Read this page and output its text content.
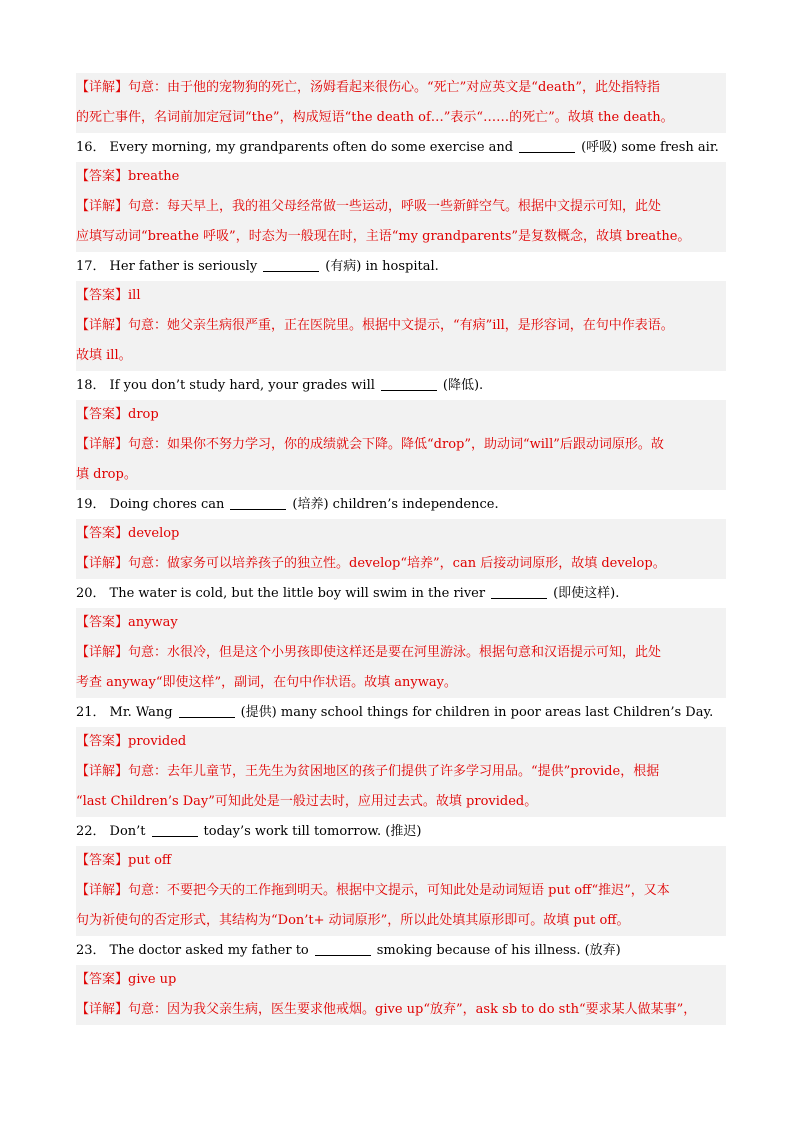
【详解】句意：由于他的宠物狗的死亡，汤姆看起来很伤心。“死亡”对应英文是“death”，此处指特指
的死亡事件，名词前加定冠词“the”，构成短语“the death of…”表示“……的死亡”。故填 the death。
16． Every morning, my grandparents often do some exercise and	(呼吸) some fresh air.
【答案】breathe
【详解】句意：每天早上，我的祖父母经常做一些运动，呼吸一些新鲜空气。根据中文提示可知，此处
应填写动词“breathe 呼吸”，时态为一般现在时，主语“my grandparents”是复数概念，故填 breathe。
17． Her father is seriously	(有病) in hospital.
【答案】ill
【详解】句意：她父亲生病很严重，正在医院里。根据中文提示，“有病”ill，是形容词，在句中作表语。
故填 ill。
18． If you don’t study hard, your grades will	(降低).
【答案】drop
【详解】句意：如果你不努力学习，你的成绩就会下降。降低“drop”，助动词“will”后跟动词原形。故
填 drop。
19． Doing chores can	(培养) children’s independence.
【答案】develop
【详解】句意：做家务可以培养孩子的独立性。develop“培养”，can 后接动词原形，故填 develop。
20． The water is cold, but the little boy will swim in the river	(即使这样).
【答案】anyway
【详解】句意：水很冷，但是这个小男孩即使这样还是要在河里游泳。根据句意和汉语提示可知，此处
考查 anyway“即使这样”，副词，在句中作状语。故填 anyway。
21． Mr. Wang	(提供) many school things for children in poor areas last Children’s Day.
【答案】provided
【详解】句意：去年儿童节，王先生为贫困地区的孩子们提供了许多学习用品。“提供”provide，根据
“last Children’s Day”可知此处是一般过去时，应用过去式。故填 provided。
22． Don’t	today’s work till tomorrow. (推迟)
【答案】put off
【详解】句意：不要把今天的工作拖到明天。根据中文提示，可知此处是动词短语 put off“推迟”，又本
句为祈使句的否定形式，其结构为“Don’t+ 动词原形”，所以此处填其原形即可。故填 put off。
23． The doctor asked my father to	smoking because of his illness. (放弃)
【答案】give up
【详解】句意：因为我父亲生病，医生要求他戒烟。give up“放弃”，ask sb to do sth“要求某人做某事”，
